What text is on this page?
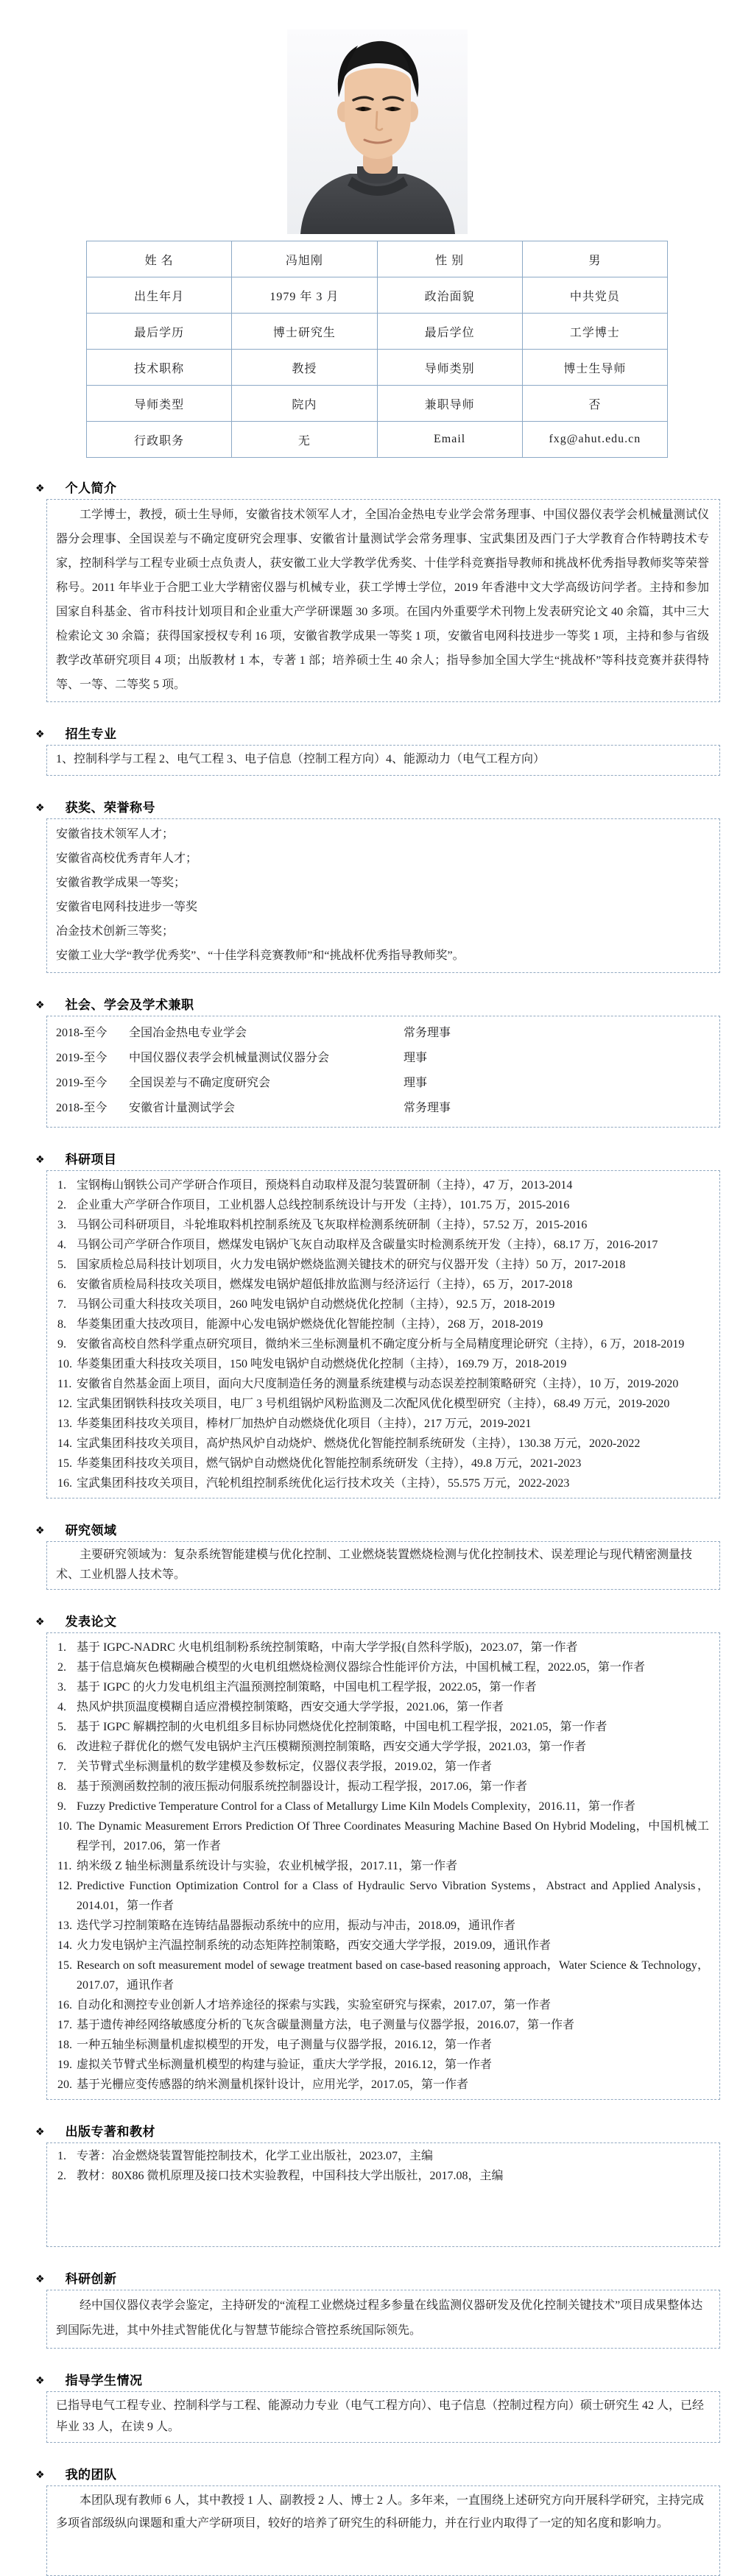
姓 名	冯旭刚	性 别	男
出生年月	1979 年 3 月	政治面貌	中共党员
最后学历	博士研究生	最后学位	工学博士
技术职称	教授	导师类别	博士生导师
导师类型	院内	兼职导师	否
行政职务	无	Email	fxg@ahut.edu.cn
❖ 个人简介

工学博士，教授，硕士生导师，安徽省技术领军人才，全国冶金热电专业学会常务理事、中国仪器仪表学会机械量测试仪器分会理事、全国误差与不确定度研究会理事、安徽省计量测试学会常务理事、宝武集团及西门子大学教育合作特聘技术专家，控制科学与工程专业硕士点负责人，获安徽工业大学教学优秀奖、十佳学科竞赛指导教师和挑战杯优秀指导教师奖等荣誉称号。2011 年毕业于合肥工业大学精密仪器与机械专业，获工学博士学位，2019 年香港中文大学高级访问学者。主持和参加国家自科基金、省市科技计划项目和企业重大产学研课题 30 多项。在国内外重要学术刊物上发表研究论文 40 余篇，其中三大检索论文 30 余篇；获得国家授权专利 16 项，安徽省教学成果一等奖 1 项，安徽省电网科技进步一等奖 1 项，主持和参与省级教学改革研究项目 4 项；出版教材 1 本，专著 1 部；培养硕士生 40 余人；指导参加全国大学生“挑战杯”等科技竞赛并获得特等、一等、二等奖 5 项。

❖ 招生专业

1、控制科学与工程 2、电气工程 3、电子信息（控制工程方向）4、能源动力（电气工程方向）

❖ 获奖、荣誉称号
安徽省技术领军人才；
安徽省高校优秀青年人才；
安徽省教学成果一等奖；
安徽省电网科技进步一等奖
冶金技术创新三等奖；
安徽工业大学“教学优秀奖”、“十佳学科竞赛教师”和“挑战杯优秀指导教师奖”。
❖ 社会、学会及学术兼职
2018-至今	全国冶金热电专业学会	常务理事
2019-至今	中国仪器仪表学会机械量测试仪器分会	理事
2019-至今	全国误差与不确定度研究会	理事
2018-至今	安徽省计量测试学会	常务理事
❖ 科研项目
宝钢梅山钢铁公司产学研合作项目，预烧料自动取样及混匀装置研制（主持），47 万，2013-2014
企业重大产学研合作项目，工业机器人总线控制系统设计与开发（主持），101.75 万，2015-2016
马钢公司科研项目，斗轮堆取料机控制系统及飞灰取样检测系统研制（主持），57.52 万，2015-2016
马钢公司产学研合作项目，燃煤发电锅炉飞灰自动取样及含碳量实时检测系统开发（主持），68.17 万，2016-2017
国家质检总局科技计划项目，火力发电锅炉燃烧监测关键技术的研究与仪器开发（主持）50 万，2017-2018
安徽省质检局科技攻关项目，燃煤发电锅炉超低排放监测与经济运行（主持），65 万，2017-2018
马钢公司重大科技攻关项目，260 吨发电锅炉自动燃烧优化控制（主持），92.5 万，2018-2019
华菱集团重大技改项目，能源中心发电锅炉燃烧优化智能控制（主持），268 万，2018-2019
安徽省高校自然科学重点研究项目，微纳米三坐标测量机不确定度分析与全局精度理论研究（主持），6 万，2018-2019
华菱集团重大科技攻关项目，150 吨发电锅炉自动燃烧优化控制（主持），169.79 万，2018-2019
安徽省自然基金面上项目，面向大尺度制造任务的测量系统建模与动态误差控制策略研究（主持），10 万，2019-2020
宝武集团钢铁科技攻关项目，电厂 3 号机组锅炉风粉监测及二次配风优化模型研究（主持），68.49 万元，2019-2020
华菱集团科技攻关项目，棒材厂加热炉自动燃烧优化项目（主持），217 万元，2019-2021
宝武集团科技攻关项目，高炉热风炉自动烧炉、燃烧优化智能控制系统研发（主持），130.38 万元，2020-2022
华菱集团科技攻关项目，燃气锅炉自动燃烧优化智能控制系统研发（主持），49.8 万元，2021-2023
宝武集团科技攻关项目，汽轮机组控制系统优化运行技术攻关（主持），55.575 万元，2022-2023
❖ 研究领域

主要研究领域为：复杂系统智能建模与优化控制、工业燃烧装置燃烧检测与优化控制技术、误差理论与现代精密测量技术、工业机器人技术等。

❖ 发表论文
基于 IGPC-NADRC 火电机组制粉系统控制策略，中南大学学报(自然科学版)，2023.07，第一作者
基于信息熵灰色模糊融合模型的火电机组燃烧检测仪器综合性能评价方法，中国机械工程，2022.05，第一作者
基于 IGPC 的火力发电机组主汽温预测控制策略，中国电机工程学报，2022.05，第一作者
热风炉拱顶温度模糊自适应滑模控制策略，西安交通大学学报，2021.06，第一作者
基于 IGPC 解耦控制的火电机组多目标协同燃烧优化控制策略，中国电机工程学报，2021.05，第一作者
改进粒子群优化的燃气发电锅炉主汽压模糊预测控制策略，西安交通大学学报，2021.03，第一作者
关节臂式坐标测量机的数学建模及参数标定，仪器仪表学报，2019.02，第一作者
基于预测函数控制的液压振动伺服系统控制器设计，振动工程学报，2017.06，第一作者
Fuzzy Predictive Temperature Control for a Class of Metallurgy Lime Kiln Models Complexity，2016.11，第一作者
The Dynamic Measurement Errors Prediction Of Three Coordinates Measuring Machine Based On Hybrid Modeling，中国机械工程学刊，2017.06，第一作者
纳米级 Z 轴坐标测量系统设计与实验，农业机械学报，2017.11，第一作者
Predictive Function Optimization Control for a Class of Hydraulic Servo Vibration Systems，Abstract and Applied Analysis，2014.01，第一作者
迭代学习控制策略在连铸结晶器振动系统中的应用，振动与冲击，2018.09，通讯作者
火力发电锅炉主汽温控制系统的动态矩阵控制策略，西安交通大学学报，2019.09，通讯作者
Research on soft measurement model of sewage treatment based on case-based reasoning approach，Water Science & Technology，2017.07，通讯作者
自动化和测控专业创新人才培养途径的探索与实践，实验室研究与探索，2017.07，第一作者
基于遗传神经网络敏感度分析的飞灰含碳量测量方法，电子测量与仪器学报，2016.07，第一作者
一种五轴坐标测量机虚拟模型的开发，电子测量与仪器学报，2016.12，第一作者
虚拟关节臂式坐标测量机模型的构建与验证，重庆大学学报，2016.12，第一作者
基于光栅应变传感器的纳米测量机探针设计，应用光学，2017.05，第一作者
❖ 出版专著和教材
专著：冶金燃烧装置智能控制技术，化学工业出版社，2023.07，主编
教材：80X86 微机原理及接口技术实验教程，中国科技大学出版社，2017.08，主编
❖ 科研创新

经中国仪器仪表学会鉴定，主持研发的“流程工业燃烧过程多参量在线监测仪器研发及优化控制关键技术”项目成果整体达到国际先进，其中外挂式智能优化与智慧节能综合管控系统国际领先。

❖ 指导学生情况

已指导电气工程专业、控制科学与工程、能源动力专业（电气工程方向）、电子信息（控制过程方向）硕士研究生 42 人，已经毕业 33 人，在读 9 人。

❖ 我的团队

本团队现有教师 6 人，其中教授 1 人、副教授 2 人、博士 2 人。多年来，一直围绕上述研究方向开展科学研究，主持完成多项省部级纵向课题和重大产学研项目，较好的培养了研究生的科研能力，并在行业内取得了一定的知名度和影响力。
